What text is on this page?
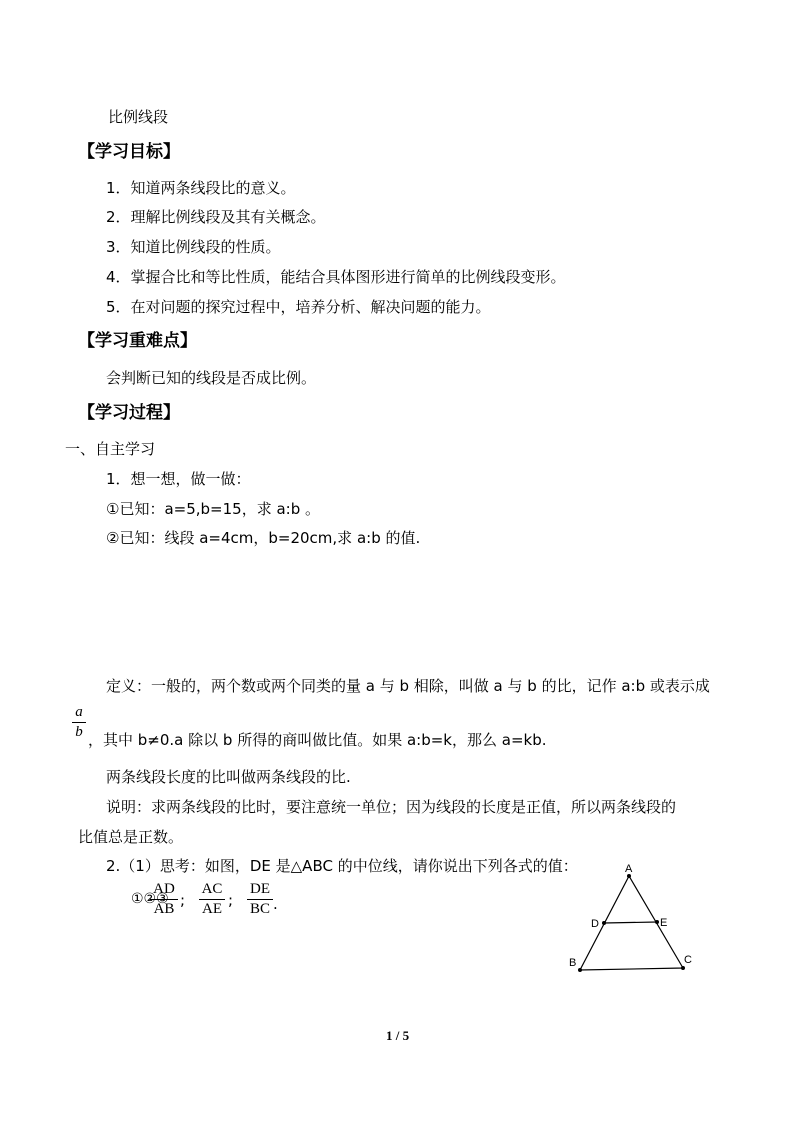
比例线段
【学习目标】
1．知道两条线段比的意义。
2．理解比例线段及其有关概念。
3．知道比例线段的性质。
4．掌握合比和等比性质，能结合具体图形进行简单的比例线段变形。
5．在对问题的探究过程中，培养分析、解决问题的能力。
【学习重难点】
会判断已知的线段是否成比例。
【学习过程】
一、自主学习
1．想一想，做一做：
①已知：a=5,b=15，求 a:b 。
②已知：线段 a=4cm，b=20cm,求 a:b 的值.
定义：一般的，两个数或两个同类的量 a 与 b 相除，叫做 a 与 b 的比，记作 a:b 或表示成
a
b ，其中 b≠0.a 除以 b 所得的商叫做比值。如果 a:b=k，那么 a=kb.
两条线段长度的比叫做两条线段的比.
说明：求两条线段的比时，要注意统一单位；因为线段的长度是正值，所以两条线段的
比值总是正数。
2.（1）思考：如图，DE 是△ABC 的中位线，请你说出下列各式的值：
①②③
AD
AB ;
AC
AE ;
DE
BC .
A
B	C
D	E
1 / 5
